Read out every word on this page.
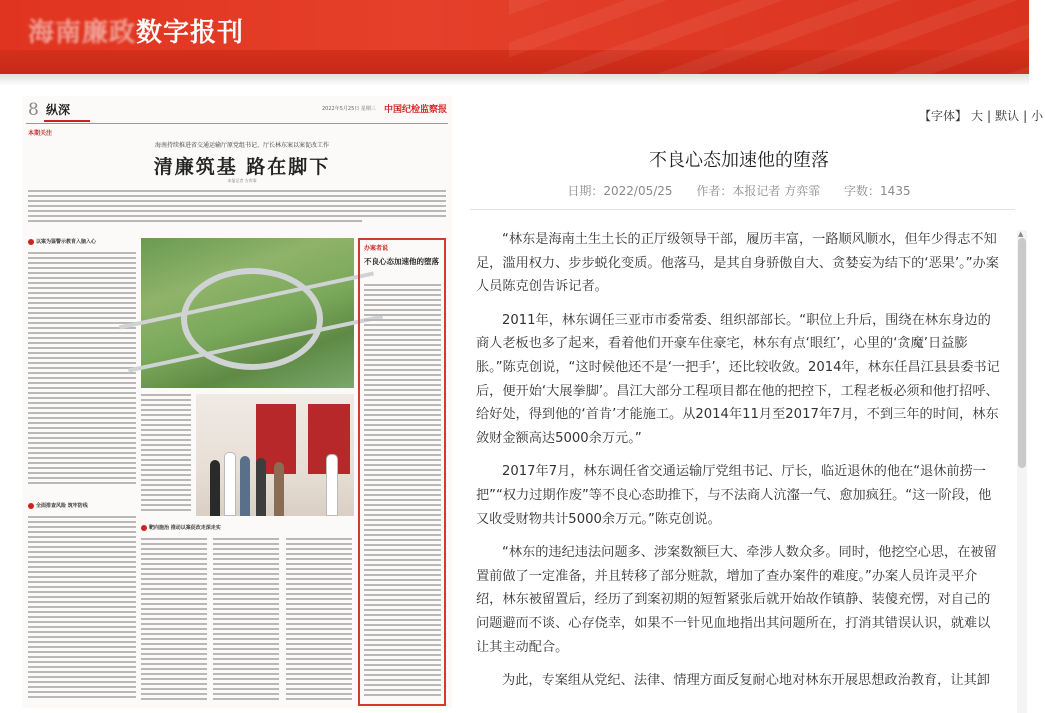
海南廉政数字报刊
8 纵深	2022年5月25日 星期三 中国纪检监察报
本期关注
海南持续推进省交通运输厅原党组书记、厅长林东案以案促改工作
清廉筑基 路在脚下
本报记者 方弈霏
以案为鉴警示教育入脑入心
全面排查风险 筑牢防线
靶向施治 推动以案促改走深走实
办案者说
不良心态加速他的堕落
【字体】 大 | 默认 | 小
不良心态加速他的堕落
日期：2022/05/25 作者：本报记者 方弈霏 字数：1435

“林东是海南土生土长的正厅级领导干部，履历丰富，一路顺风顺水，但年少得志不知足，滥用权力、步步蜕化变质。他落马，是其自身骄傲自大、贪婪妄为结下的‘恶果’。”办案人员陈克创告诉记者。

2011年，林东调任三亚市市委常委、组织部部长。“职位上升后，围绕在林东身边的商人老板也多了起来，看着他们开豪车住豪宅，林东有点‘眼红’，心里的‘贪魔’日益膨胀。”陈克创说，“这时候他还不是‘一把手’，还比较收敛。2014年，林东任昌江县县委书记后，便开始‘大展拳脚’。昌江大部分工程项目都在他的把控下，工程老板必须和他打招呼、给好处，得到他的‘首肯’才能施工。从2014年11月至2017年7月，不到三年的时间，林东敛财金额高达5000余万元。”

2017年7月，林东调任省交通运输厅党组书记、厅长，临近退休的他在“退休前捞一把”“权力过期作废”等不良心态助推下，与不法商人沆瀣一气、愈加疯狂。“这一阶段，他又收受财物共计5000余万元。”陈克创说。

“林东的违纪违法问题多、涉案数额巨大、牵涉人数众多。同时，他挖空心思，在被留置前做了一定准备，并且转移了部分赃款，增加了查办案件的难度。”办案人员许灵平介绍，林东被留置后，经历了到案初期的短暂紧张后就开始故作镇静、装傻充愣，对自己的问题避而不谈、心存侥幸，如果不一针见血地指出其问题所在，打消其错误认识，就难以让其主动配合。

为此，专案组从党纪、法律、情理方面反复耐心地对林东开展思想政治教育，让其卸

▲
